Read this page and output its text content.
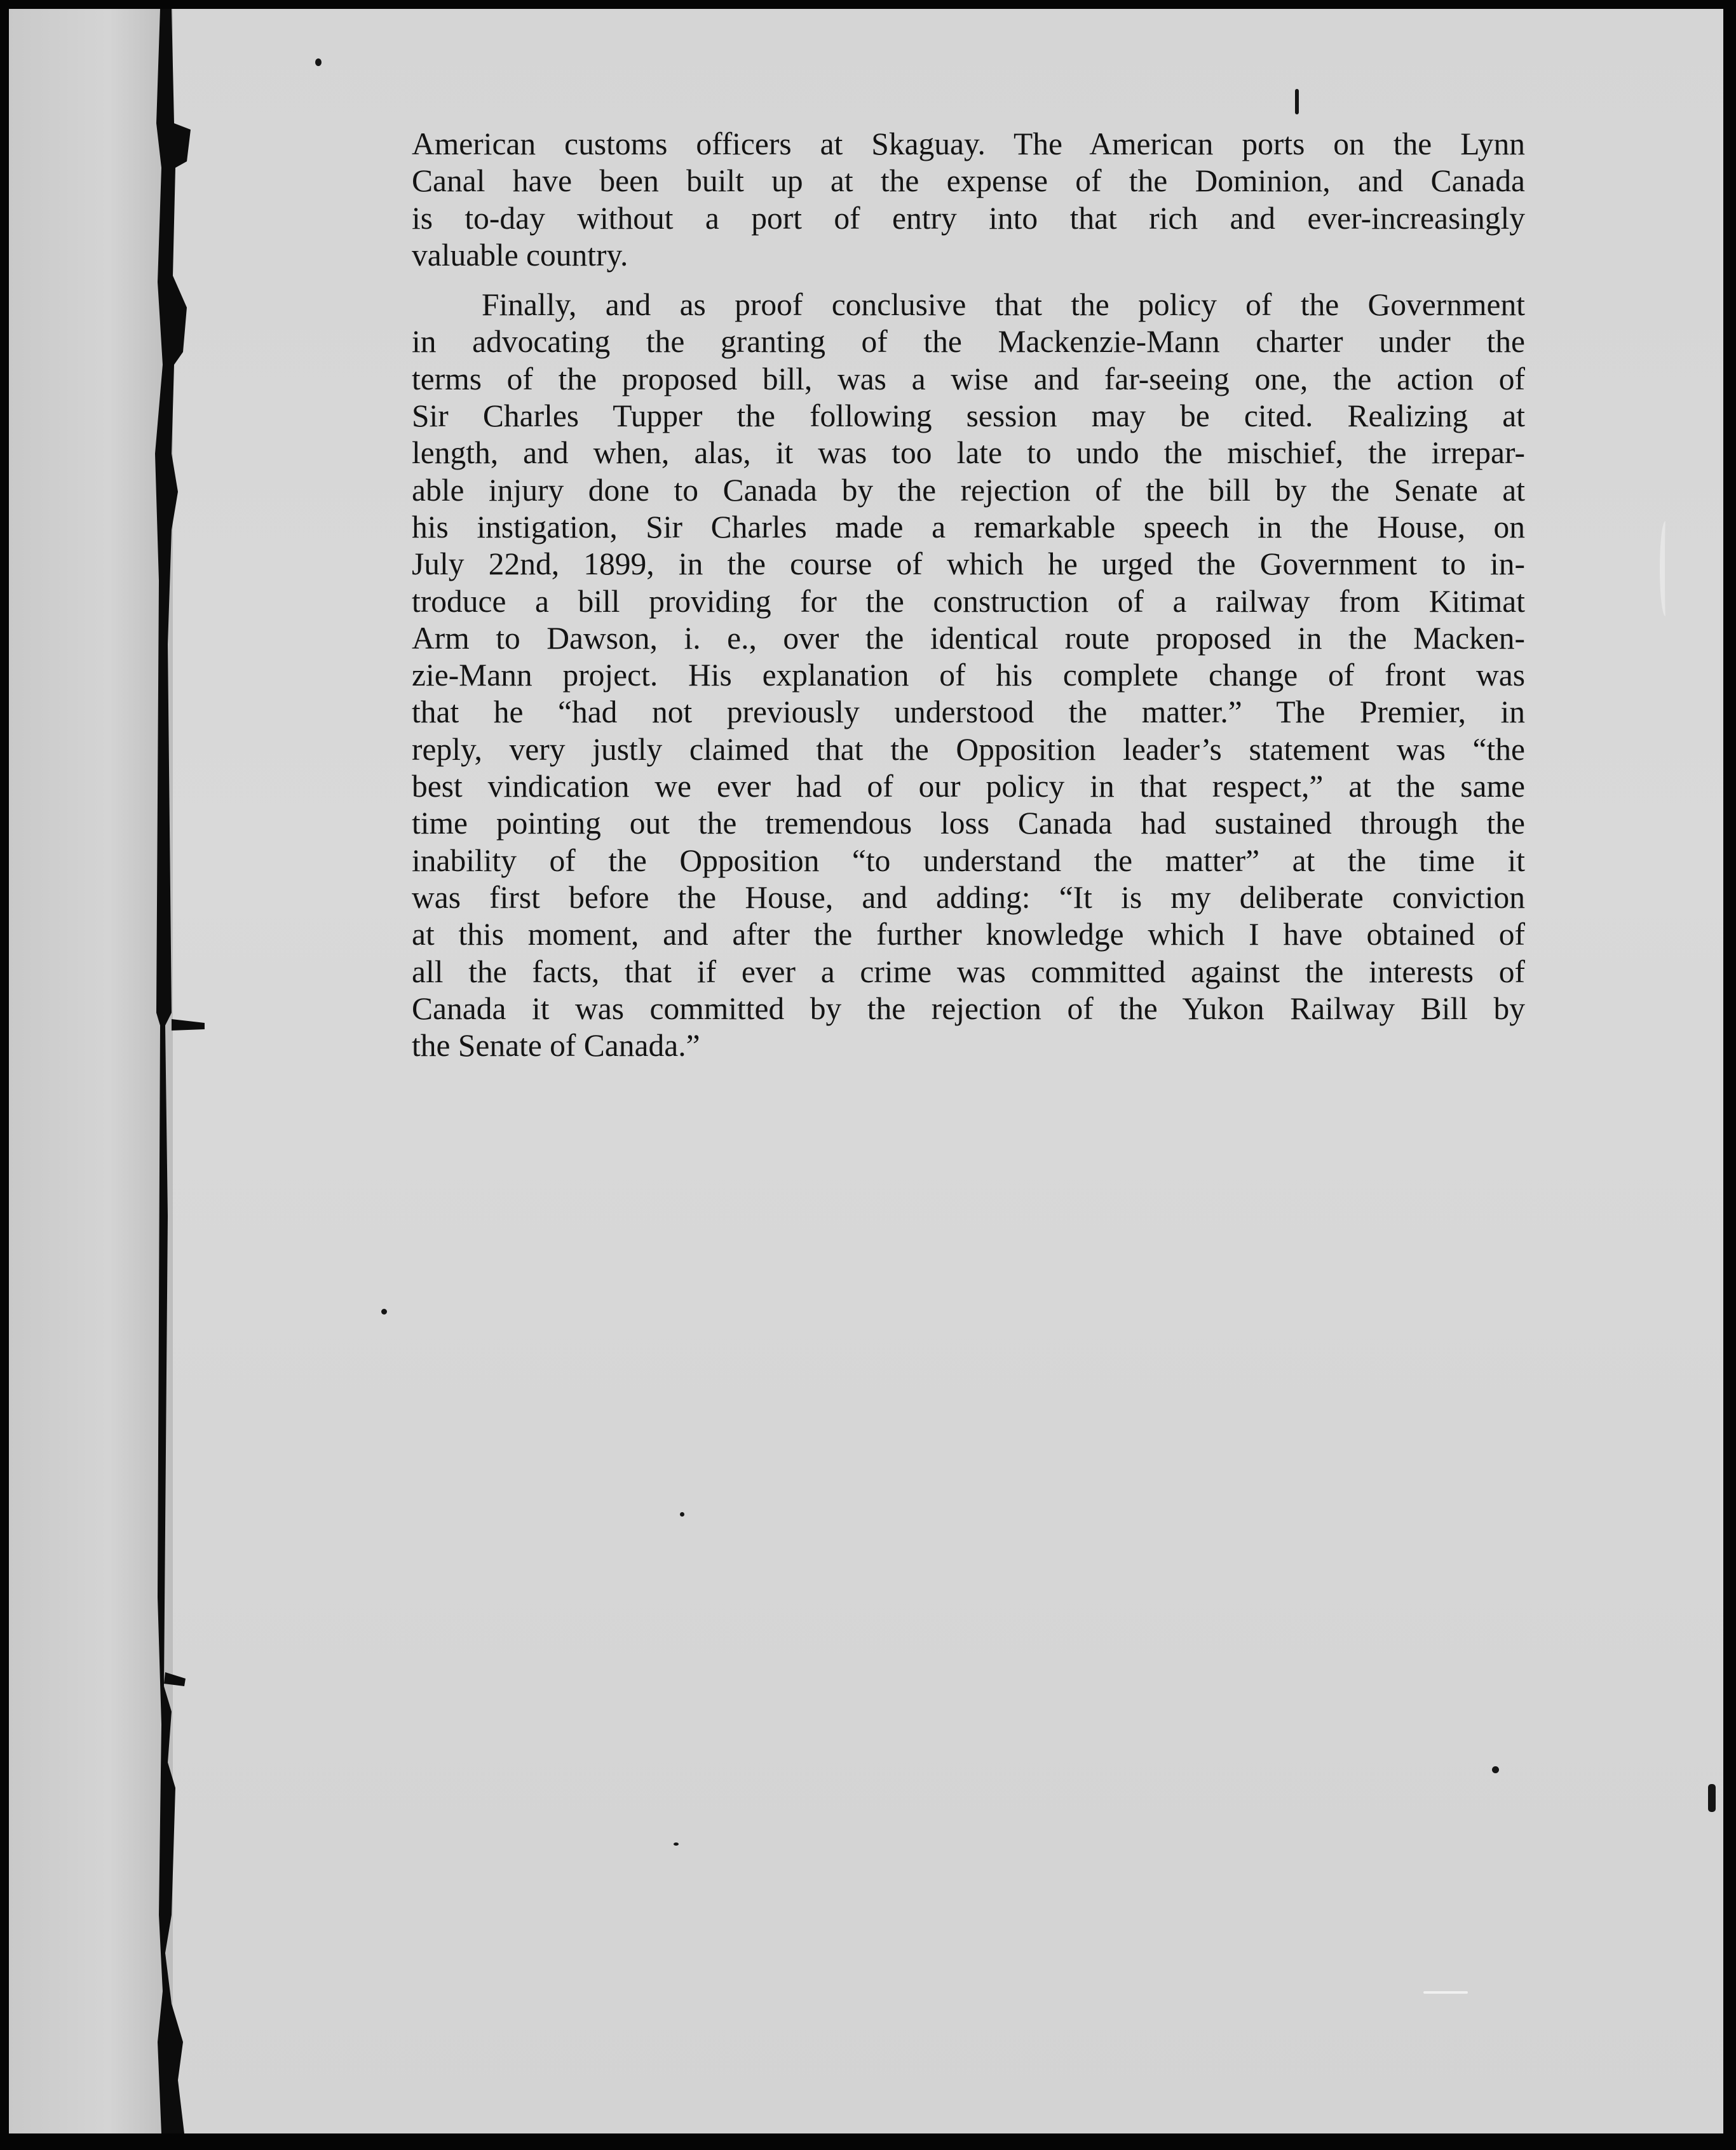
American customs officers at Skaguay. The American ports on the Lynn
Canal have been built up at the expense of the Dominion, and Canada
is to-day without a port of entry into that rich and ever-increasingly
valuable country.
Finally, and as proof conclusive that the policy of the Government
in advocating the granting of the Mackenzie-Mann charter under the
terms of the proposed bill, was a wise and far-seeing one, the action of
Sir Charles Tupper the following session may be cited. Realizing at
length, and when, alas, it was too late to undo the mischief, the irrepar-
able injury done to Canada by the rejection of the bill by the Senate at
his instigation, Sir Charles made a remarkable speech in the House, on
July 22nd, 1899, in the course of which he urged the Government to in-
troduce a bill providing for the construction of a railway from Kitimat
Arm to Dawson, i. e., over the identical route proposed in the Macken-
zie-Mann project. His explanation of his complete change of front was
that he “had not previously understood the matter.” The Premier, in
reply, very justly claimed that the Opposition leader’s statement was “the
best vindication we ever had of our policy in that respect,” at the same
time pointing out the tremendous loss Canada had sustained through the
inability of the Opposition “to understand the matter” at the time it
was first before the House, and adding: “It is my deliberate conviction
at this moment, and after the further knowledge which I have obtained of
all the facts, that if ever a crime was committed against the interests of
Canada it was committed by the rejection of the Yukon Railway Bill by
the Senate of Canada.”
